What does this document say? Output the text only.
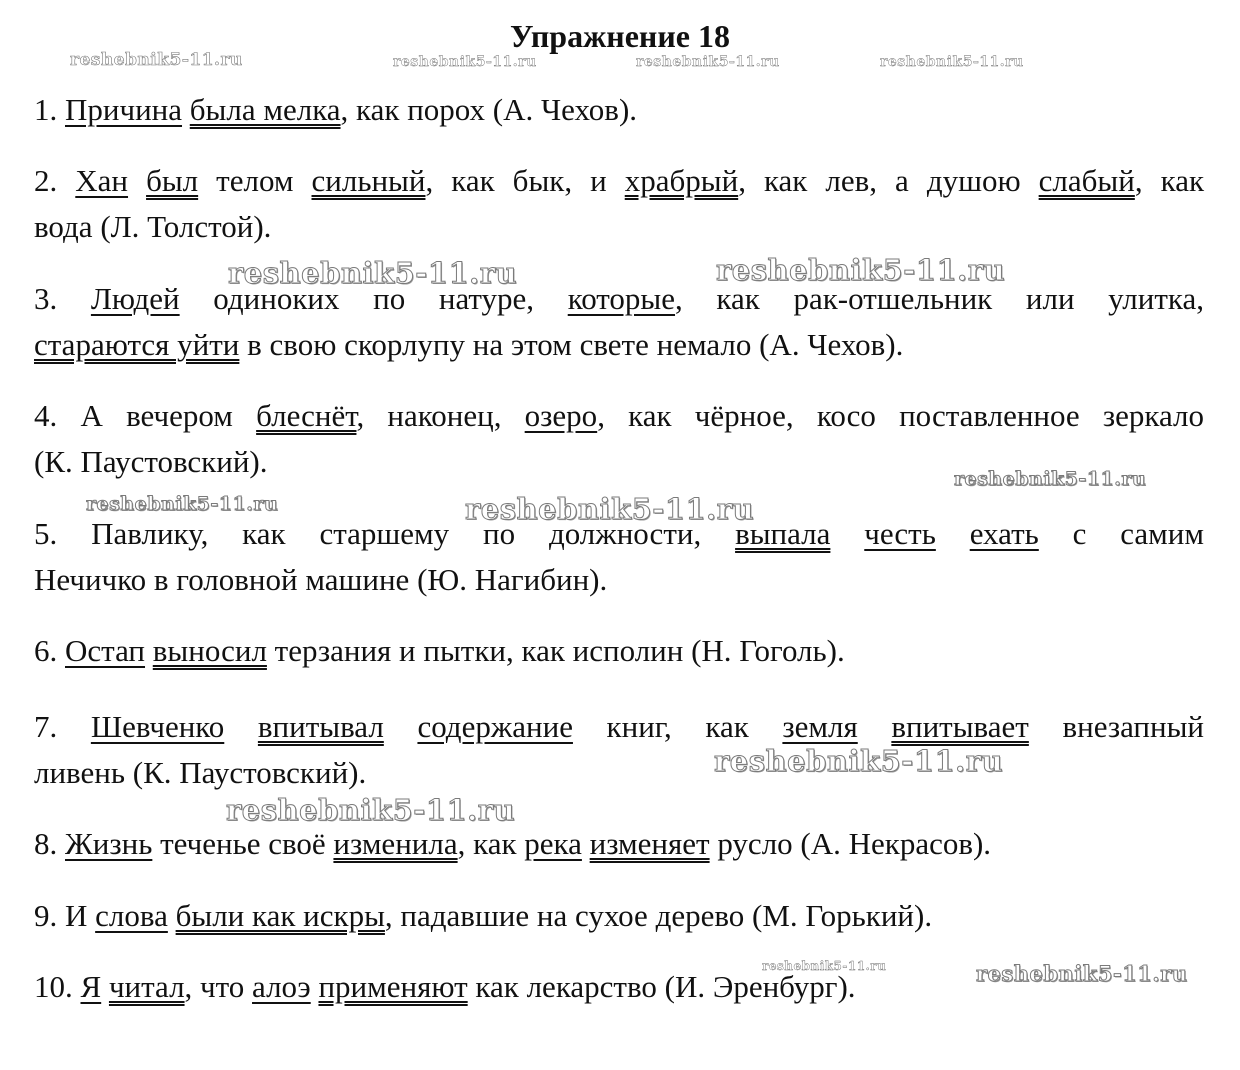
Упражнение 18
reshebnik5-11.ru	reshebnik5-11.ru	reshebnik5-11.ru	reshebnik5-11.ru
reshebnik5-11.ru	reshebnik5-11.ru
reshebnik5-11.ru
reshebnik5-11.ru	reshebnik5-11.ru
reshebnik5-11.ru
reshebnik5-11.ru
reshebnik5-11.ru	reshebnik5-11.ru
1. Причина была мелка, как порох (А. Чехов).
2. Хан был телом сильный, как бык, и храбрый, как лев, а душою слабый, как
вода (Л. Толстой).
3. Людей одиноких по натуре, которые, как рак-отшельник или улитка,
стараются уйти в свою скорлупу на этом свете немало (А. Чехов).
4. А вечером блеснёт, наконец, озеро, как чёрное, косо поставленное зеркало
(К. Паустовский).
5. Павлику, как старшему по должности, выпала честь ехать с самим
Нечичко в головной машине (Ю. Нагибин).
6. Остап выносил терзания и пытки, как исполин (Н. Гоголь).
7. Шевченко впитывал содержание книг, как земля впитывает внезапный
ливень (К. Паустовский).
8. Жизнь теченье своё изменила, как река изменяет русло (А. Некрасов).
9. И слова были как искры, падавшие на сухое дерево (М. Горький).
10. Я читал, что алоэ применяют как лекарство (И. Эренбург).
